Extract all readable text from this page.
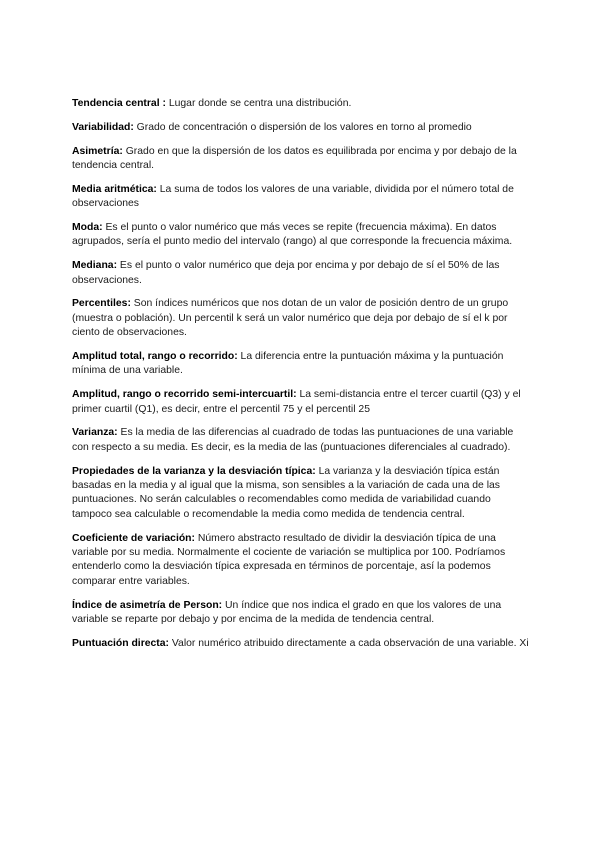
Tendencia central : Lugar donde se centra una distribución.

Variabilidad: Grado de concentración o dispersión de los valores en torno al promedio

Asimetría: Grado en que la dispersión de los datos es equilibrada por encima y por debajo de la tendencia central.

Media aritmética: La suma de todos los valores de una variable, dividida por el número total de observaciones

Moda: Es el punto o valor numérico que más veces se repite (frecuencia máxima). En datos agrupados, sería el punto medio del intervalo (rango) al que corresponde la frecuencia máxima.

Mediana: Es el punto o valor numérico que deja por encima y por debajo de sí el 50% de las observaciones.

Percentiles: Son índices numéricos que nos dotan de un valor de posición dentro de un grupo (muestra o población). Un percentil k será un valor numérico que deja por debajo de sí el k por ciento de observaciones.

Amplitud total, rango o recorrido: La diferencia entre la puntuación máxima y la puntuación mínima de una variable.

Amplitud, rango o recorrido semi-intercuartil: La semi-distancia entre el tercer cuartil (Q3) y el primer cuartil (Q1), es decir, entre el percentil 75 y el percentil 25

Varianza: Es la media de las diferencias al cuadrado de todas las puntuaciones de una variable con respecto a su media. Es decir, es la media de las (puntuaciones diferenciales al cuadrado).

Propiedades de la varianza y la desviación típica: La varianza y la desviación típica están basadas en la media y al igual que la misma, son sensibles a la variación de cada una de las puntuaciones. No serán calculables o recomendables como medida de variabilidad cuando tampoco sea calculable o recomendable la media como medida de tendencia central.

Coeficiente de variación: Número abstracto resultado de dividir la desviación típica de una variable por su media. Normalmente el cociente de variación se multiplica por 100. Podríamos entenderlo como la desviación típica expresada en términos de porcentaje, así la podemos comparar entre variables.

Índice de asimetría de Person: Un índice que nos indica el grado en que los valores de una variable se reparte por debajo y por encima de la medida de tendencia central.

Puntuación directa: Valor numérico atribuido directamente a cada observación de una variable. Xi
